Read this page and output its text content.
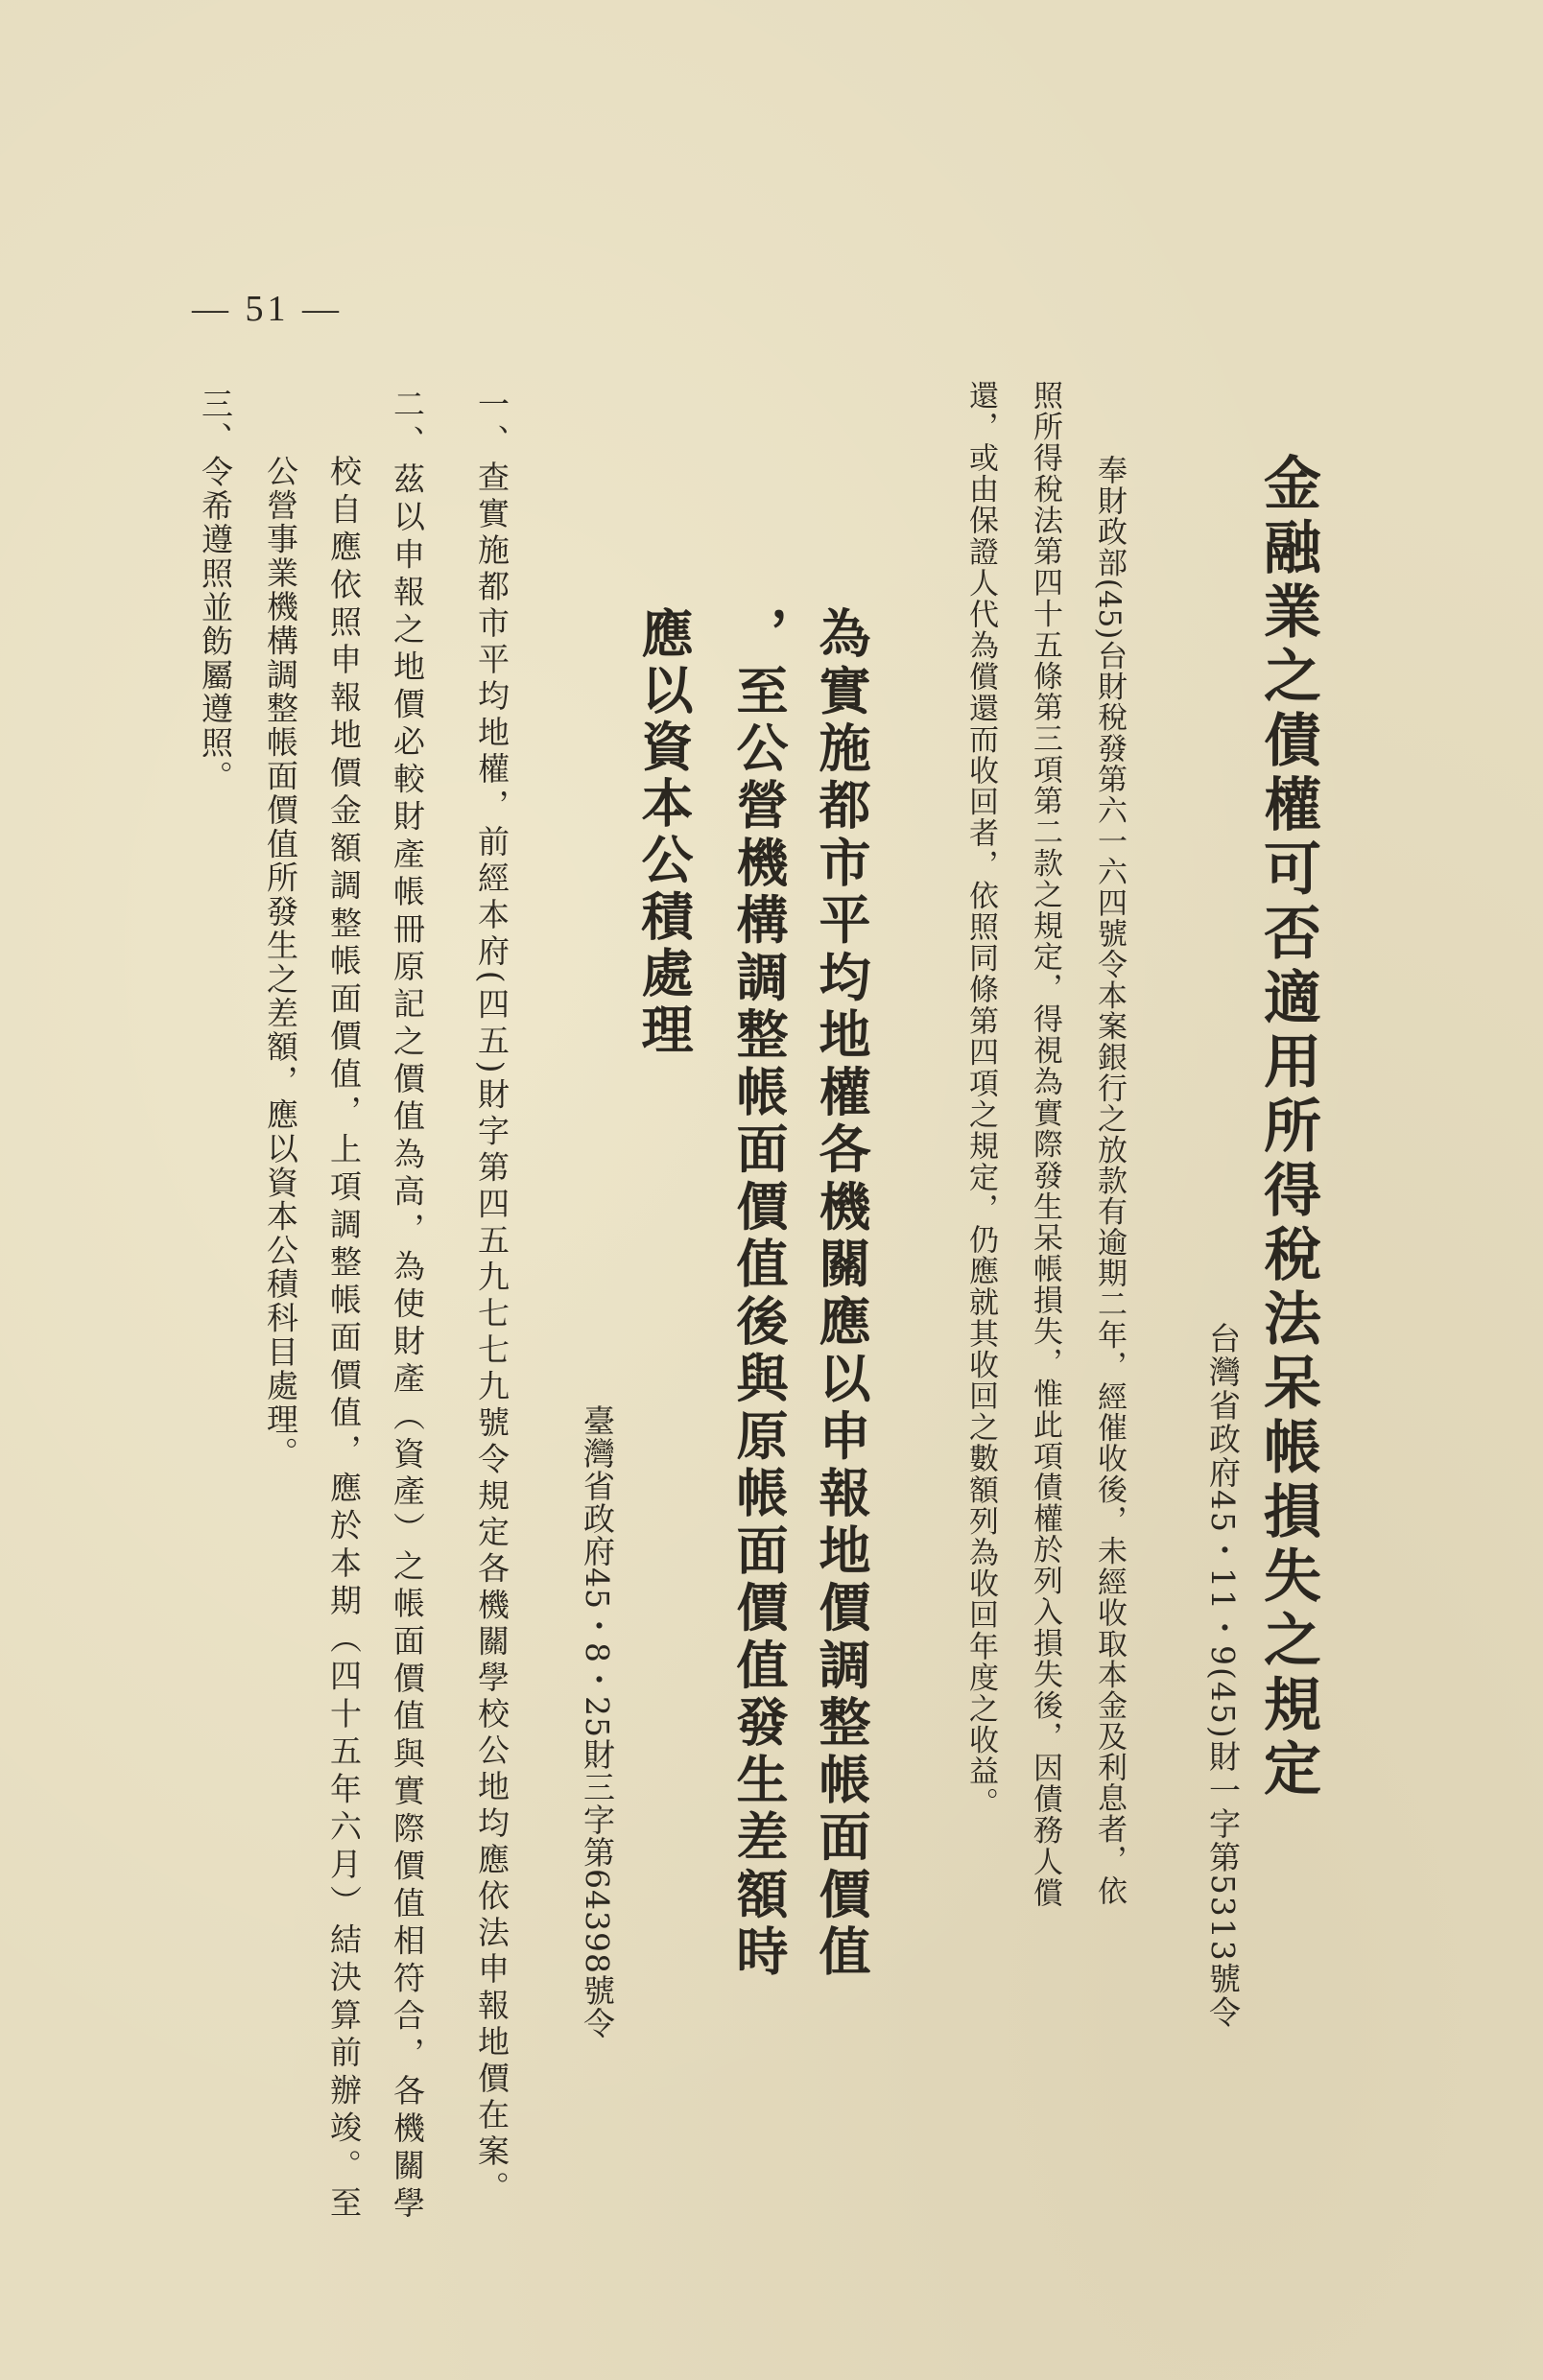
金融業之債權可否適用所得稅法呆帳損失之規定
台灣省政府45・11・9(45)財一字第5313號令
奉財政部(45)台財稅發第六一六四號令本案銀行之放款有逾期二年，經催收後，未經收取本金及利息者，依
照所得稅法第四十五條第三項第二款之規定，得視為實際發生呆帳損失，惟此項債權於列入損失後，因債務人償
還，或由保證人代為償還而收回者，依照同條第四項之規定，仍應就其收回之數額列為收回年度之收益。
為實施都市平均地權各機關應以申報地價調整帳面價值
，至公營機構調整帳面價值後與原帳面價值發生差額時
應以資本公積處理
臺灣省政府45・8・25財三字第64398號令
一、查實施都市平均地權，前經本府(四五)財字第四五九七七九號令規定各機關學校公地均應依法申報地價在案。
二、茲以申報之地價必較財產帳冊原記之價值為高，為使財產（資產）之帳面價值與實際價值相符合，各機關學
校自應依照申報地價金額調整帳面價值，上項調整帳面價值，應於本期（四十五年六月）結決算前辦竣。至
公營事業機構調整帳面價值所發生之差額，應以資本公積科目處理。
三、令希遵照並飭屬遵照。
— 51 —
